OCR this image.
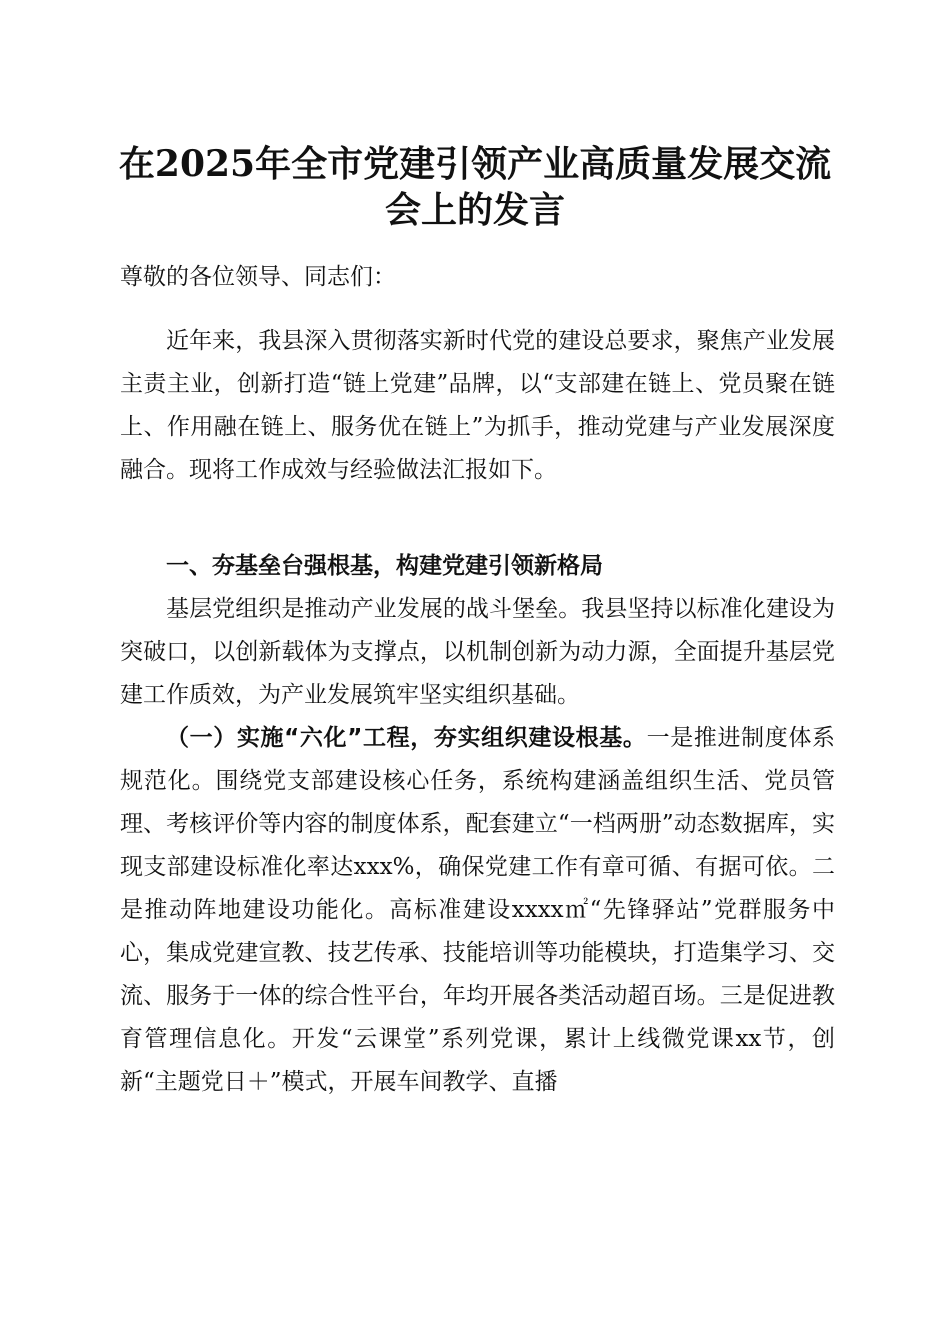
在2025年全市党建引领产业高质量发展交流
会上的发言

尊敬的各位领导、同志们：

近年来，我县深入贯彻落实新时代党的建设总要求，聚焦产业发展主责主业，创新打造“链上党建”品牌，以“支部建在链上、党员聚在链上、作用融在链上、服务优在链上”为抓手，推动党建与产业发展深度融合。现将工作成效与经验做法汇报如下。

一、夯基垒台强根基，构建党建引领新格局

基层党组织是推动产业发展的战斗堡垒。我县坚持以标准化建设为突破口，以创新载体为支撑点，以机制创新为动力源，全面提升基层党建工作质效，为产业发展筑牢坚实组织基础。

（一）实施“六化”工程，夯实组织建设根基。一是推进制度体系规范化。围绕党支部建设核心任务，系统构建涵盖组织生活、党员管理、考核评价等内容的制度体系，配套建立“一档两册”动态数据库，实现支部建设标准化率达xxx%，确保党建工作有章可循、有据可依。二是推动阵地建设功能化。高标准建设xxxx㎡“先锋驿站”党群服务中心，集成党建宣教、技艺传承、技能培训等功能模块，打造集学习、交流、服务于一体的综合性平台，年均开展各类活动超百场。三是促进教育管理信息化。开发“云课堂”系列党课，累计上线微党课xx节，创新“主题党日＋”模式，开展车间教学、直播
